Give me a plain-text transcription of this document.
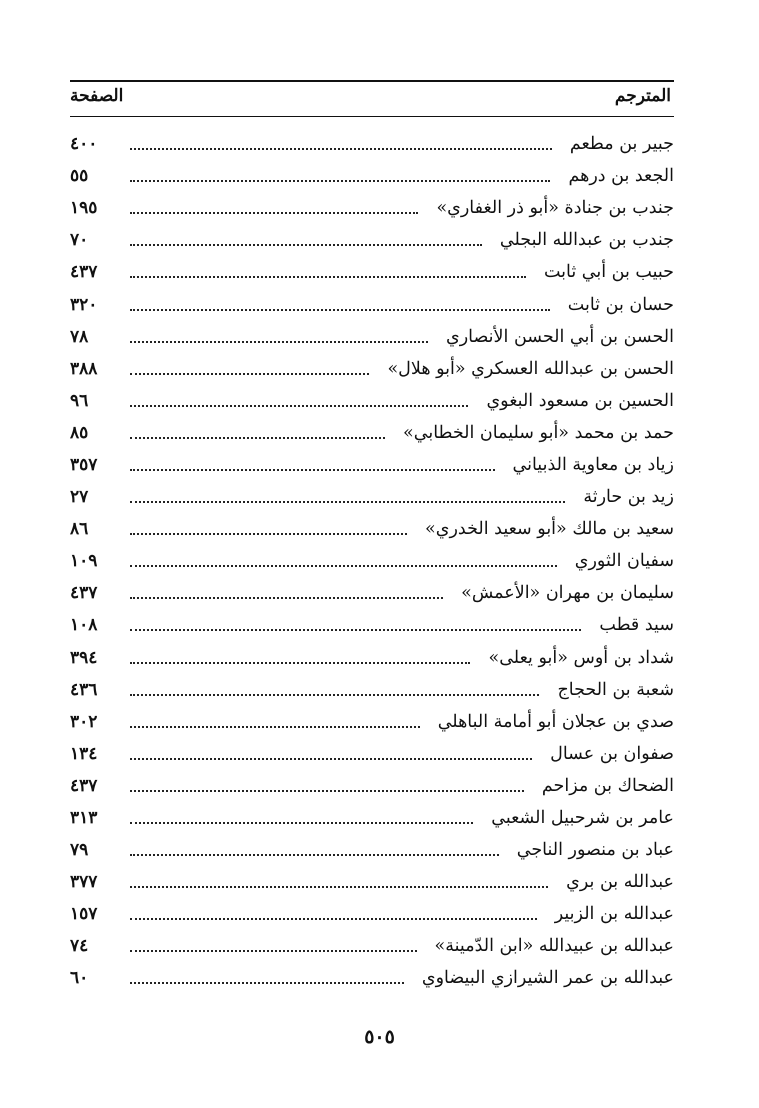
المترجم
الصفحة
جبير بن مطعم
٤٠٠
الجعد بن درهم
٥٥
جندب بن جنادة «أبو ذر الغفاري»
١٩٥
جندب بن عبدالله البجلي
٧٠
حبيب بن أبي ثابت
٤٣٧
حسان بن ثابت
٣٢٠
الحسن بن أبي الحسن الأنصاري
٧٨
الحسن بن عبدالله العسكري «أبو هلال»
٣٨٨
الحسين بن مسعود البغوي
٩٦
حمد بن محمد «أبو سليمان الخطابي»
٨٥
زياد بن معاوية الذبياني
٣٥٧
زيد بن حارثة
٢٧
سعيد بن مالك «أبو سعيد الخدري»
٨٦
سفيان الثوري
١٠٩
سليمان بن مهران «الأعمش»
٤٣٧
سيد قطب
١٠٨
شداد بن أوس «أبو يعلى»
٣٩٤
شعبة بن الحجاج
٤٣٦
صدي بن عجلان أبو أمامة الباهلي
٣٠٢
صفوان بن عسال
١٣٤
الضحاك بن مزاحم
٤٣٧
عامر بن شرحبيل الشعبي
٣١٣
عباد بن منصور الناجي
٧٩
عبدالله بن بري
٣٧٧
عبدالله بن الزبير
١٥٧
عبدالله بن عبيدالله «ابن الدّمينة»
٧٤
عبدالله بن عمر الشيرازي البيضاوي
٦٠
٥٠٥
